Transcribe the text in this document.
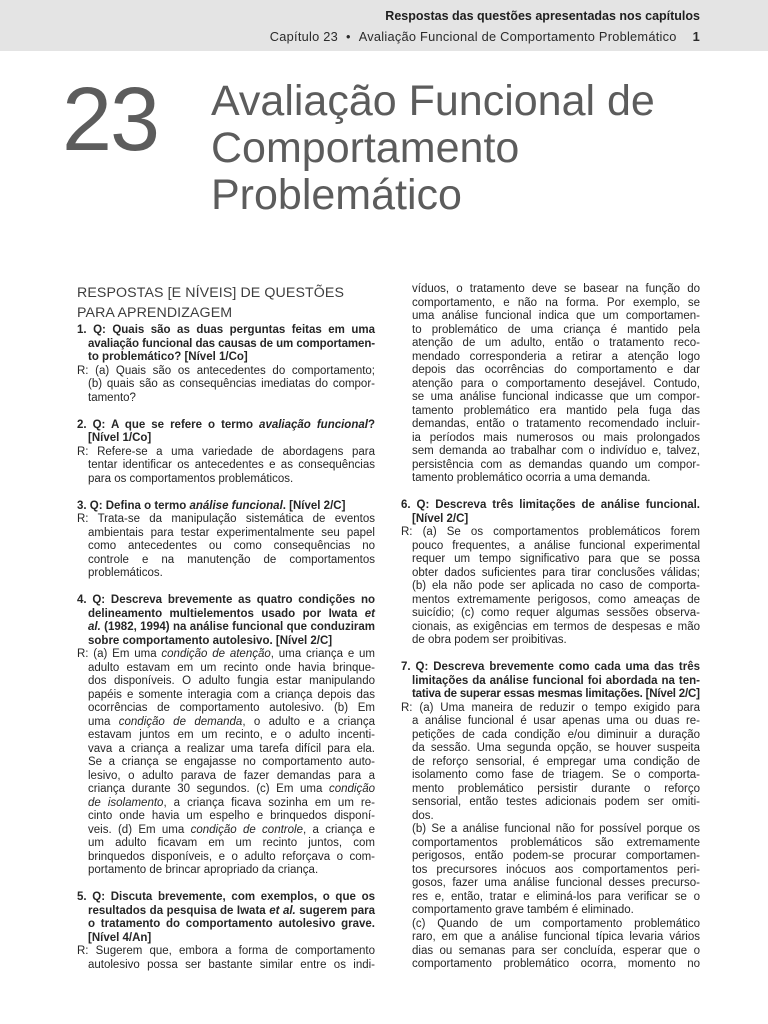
Respostas das questões apresentadas nos capítulos
Capítulo 23 • Avaliação Funcional de Comportamento Problemático 1
23 Avaliação Funcional de
Comportamento
Problemático
RESPOSTAS [E NÍVEIS] DE QUESTÕES
PARA APRENDIZAGEM
1. Q: Quais são as duas perguntas feitas em uma
avaliação funcional das causas de um comportamen-
to problemático? [Nível 1/Co]
R: (a) Quais são os antecedentes do comportamento;
(b) quais são as consequências imediatas do compor-
tamento?
2. Q: A que se refere o termo avaliação funcional?
[Nível 1/Co]
R: Refere-se a uma variedade de abordagens para
tentar identificar os antecedentes e as consequências
para os comportamentos problemáticos.
3. Q: Defina o termo análise funcional. [Nível 2/C]
R: Trata-se da manipulação sistemática de eventos
ambientais para testar experimentalmente seu papel
como antecedentes ou como consequências no
controle e na manutenção de comportamentos
problemáticos.
4. Q: Descreva brevemente as quatro condições no
delineamento multielementos usado por Iwata et
al. (1982, 1994) na análise funcional que conduziram
sobre comportamento autolesivo. [Nível 2/C]
R: (a) Em uma condição de atenção, uma criança e um
adulto estavam em um recinto onde havia brinque-
dos disponíveis. O adulto fungia estar manipulando
papéis e somente interagia com a criança depois das
ocorrências de comportamento autolesivo. (b) Em
uma condição de demanda, o adulto e a criança
estavam juntos em um recinto, e o adulto incenti-
vava a criança a realizar uma tarefa difícil para ela.
Se a criança se engajasse no comportamento auto-
lesivo, o adulto parava de fazer demandas para a
criança durante 30 segundos. (c) Em uma condição
de isolamento, a criança ficava sozinha em um re-
cinto onde havia um espelho e brinquedos disponí-
veis. (d) Em uma condição de controle, a criança e
um adulto ficavam em um recinto juntos, com
brinquedos disponíveis, e o adulto reforçava o com-
portamento de brincar apropriado da criança.
5. Q: Discuta brevemente, com exemplos, o que os
resultados da pesquisa de Iwata et al. sugerem para
o tratamento do comportamento autolesivo grave.
[Nível 4/An]
R: Sugerem que, embora a forma de comportamento
autolesivo possa ser bastante similar entre os indi-
víduos, o tratamento deve se basear na função do
comportamento, e não na forma. Por exemplo, se
uma análise funcional indica que um comportamen-
to problemático de uma criança é mantido pela
atenção de um adulto, então o tratamento reco-
mendado corresponderia a retirar a atenção logo
depois das ocorrências do comportamento e dar
atenção para o comportamento desejável. Contudo,
se uma análise funcional indicasse que um compor-
tamento problemático era mantido pela fuga das
demandas, então o tratamento recomendado incluir-
ia períodos mais numerosos ou mais prolongados
sem demanda ao trabalhar com o indivíduo e, talvez,
persistência com as demandas quando um compor-
tamento problemático ocorria a uma demanda.
6. Q: Descreva três limitações de análise funcional.
[Nível 2/C]
R: (a) Se os comportamentos problemáticos forem
pouco frequentes, a análise funcional experimental
requer um tempo significativo para que se possa
obter dados suficientes para tirar conclusões válidas;
(b) ela não pode ser aplicada no caso de comporta-
mentos extremamente perigosos, como ameaças de
suicídio; (c) como requer algumas sessões observa-
cionais, as exigências em termos de despesas e mão
de obra podem ser proibitivas.
7. Q: Descreva brevemente como cada uma das três
limitações da análise funcional foi abordada na ten-
tativa de superar essas mesmas limitações. [Nível 2/C]
R: (a) Uma maneira de reduzir o tempo exigido para
a análise funcional é usar apenas uma ou duas re-
petições de cada condição e/ou diminuir a duração
da sessão. Uma segunda opção, se houver suspeita
de reforço sensorial, é empregar uma condição de
isolamento como fase de triagem. Se o comporta-
mento problemático persistir durante o reforço
sensorial, então testes adicionais podem ser omiti-
dos.
(b) Se a análise funcional não for possível porque os
comportamentos problemáticos são extremamente
perigosos, então podem-se procurar comportamen-
tos precursores inócuos aos comportamentos peri-
gosos, fazer uma análise funcional desses precurso-
res e, então, tratar e eliminá-los para verificar se o
comportamento grave também é eliminado.
(c) Quando de um comportamento problemático
raro, em que a análise funcional típica levaria vários
dias ou semanas para ser concluída, esperar que o
comportamento problemático ocorra, momento no
